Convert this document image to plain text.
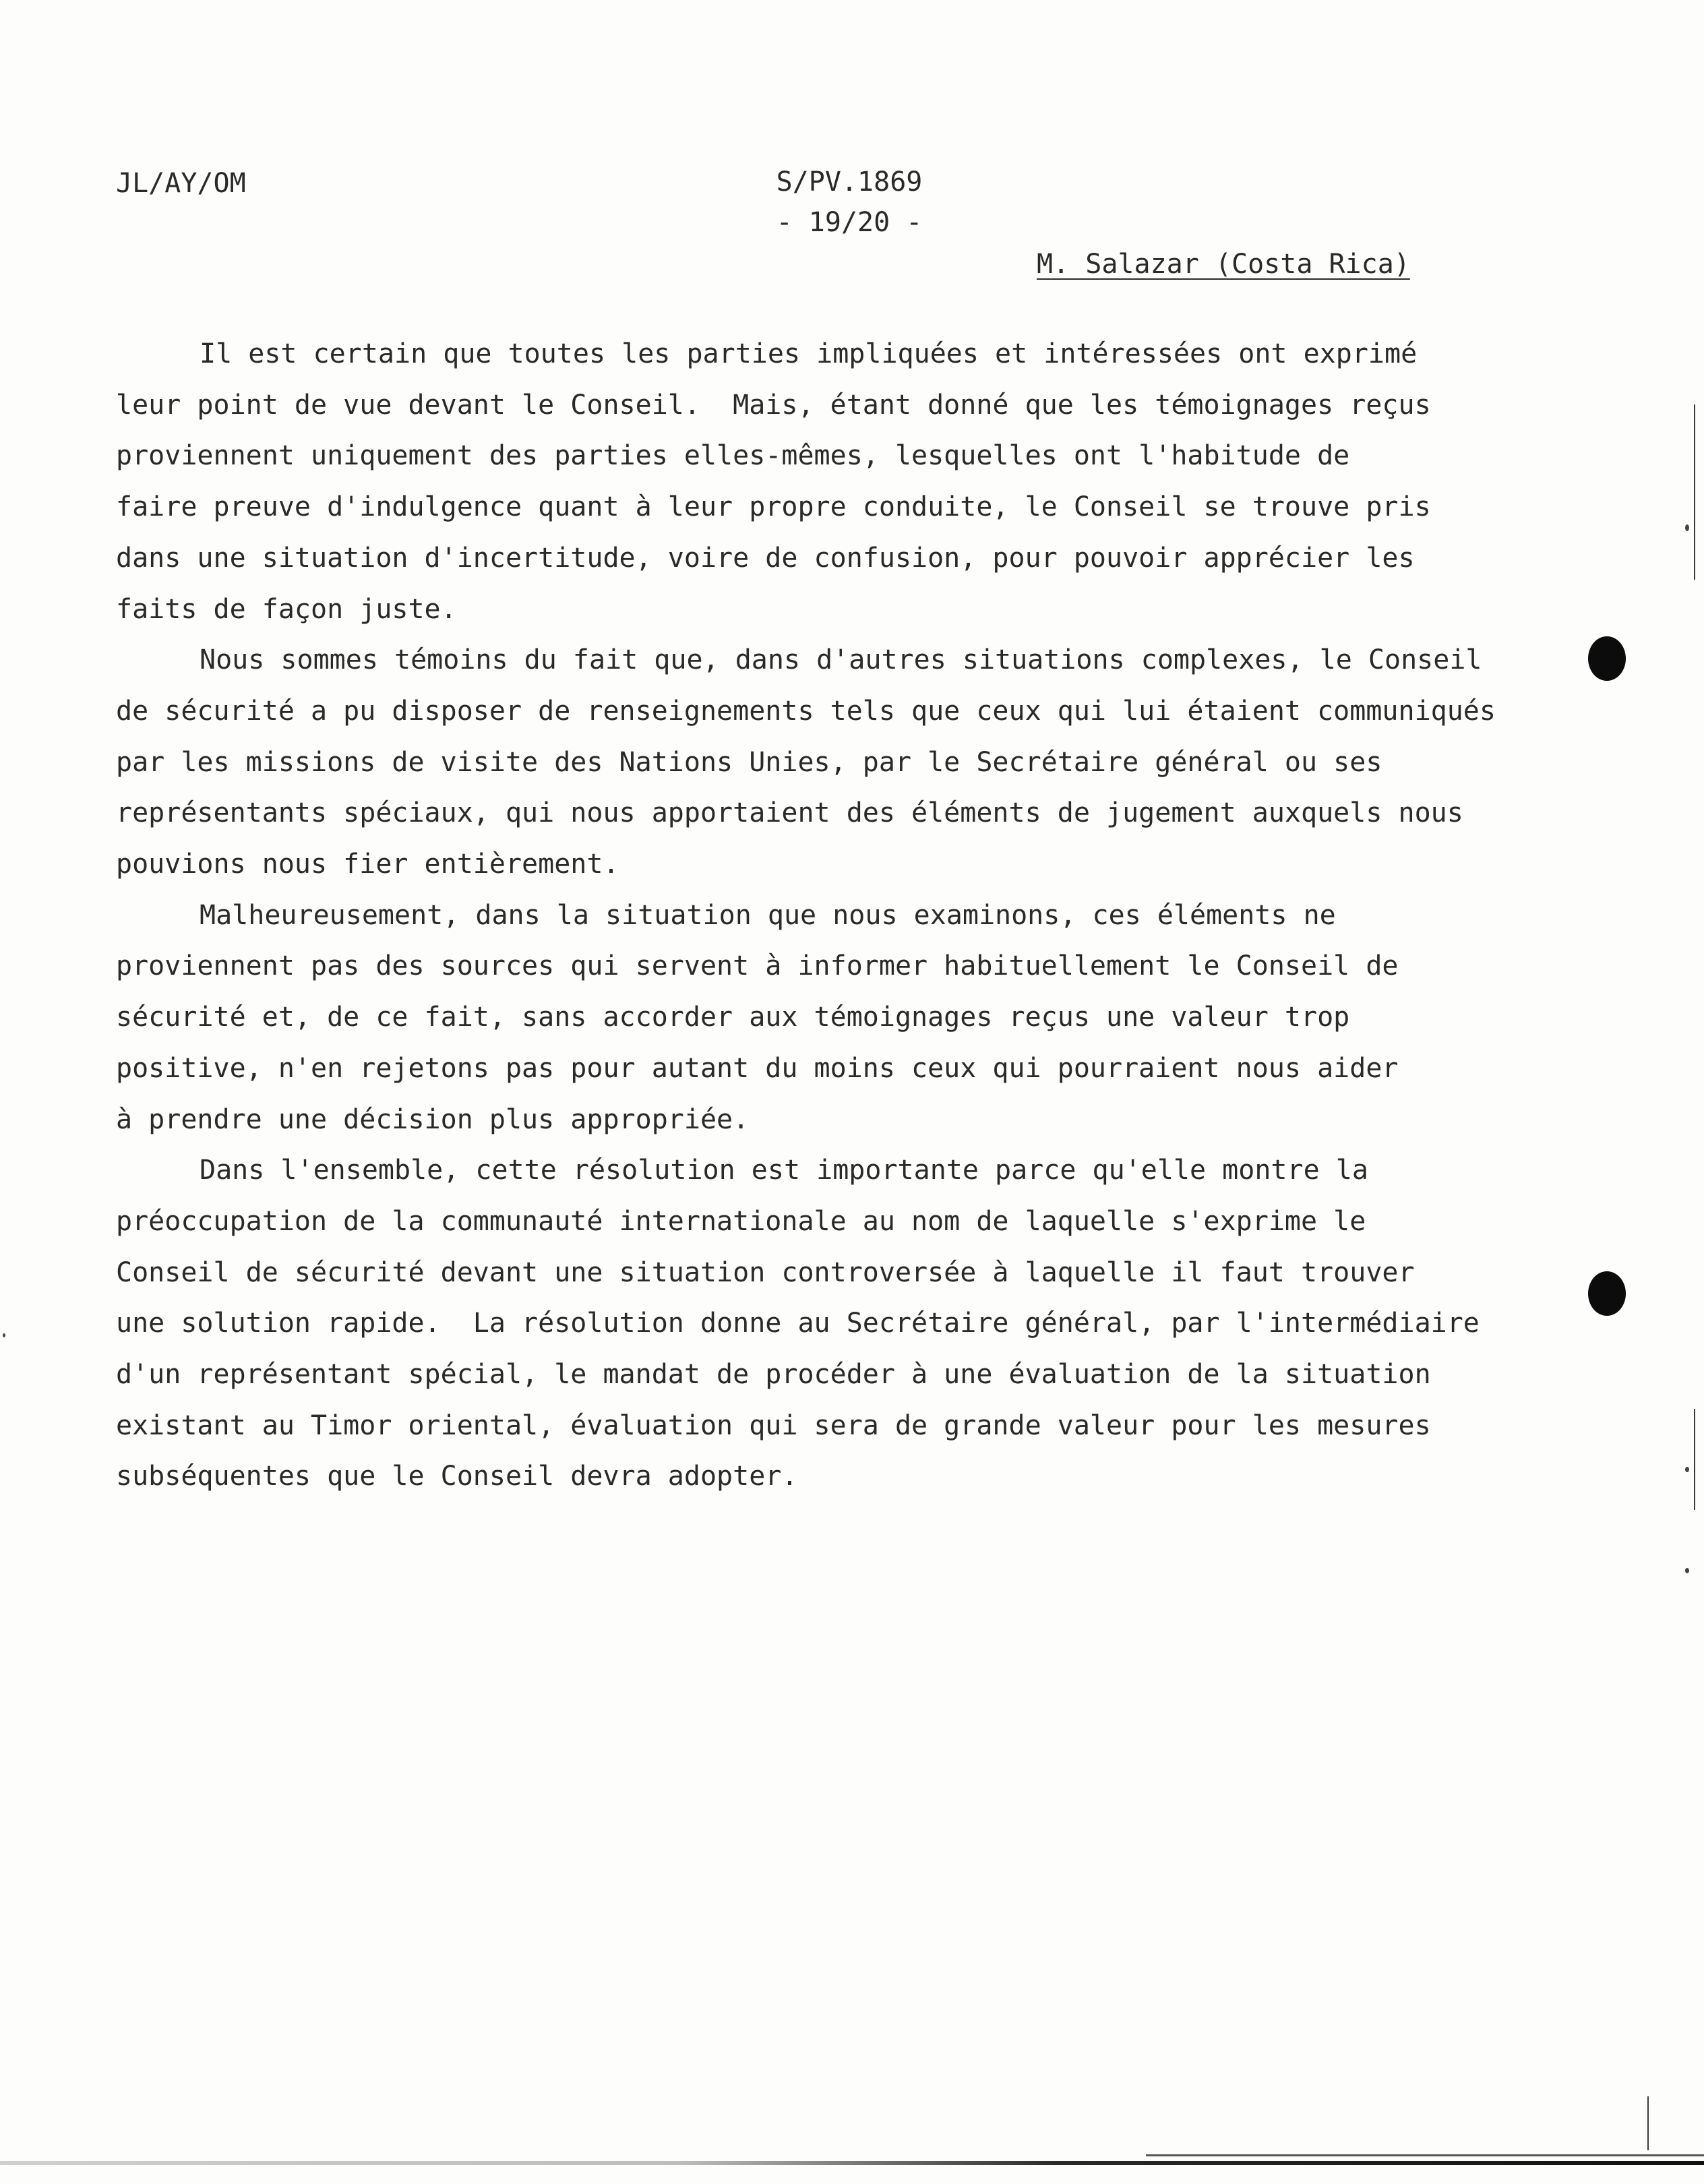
JL/AY/OM	S/PV.1869
- 19/20 -
M. Salazar (Costa Rica)

Il est certain que toutes les parties impliquées et intéressées ont exprimé
leur point de vue devant le Conseil.  Mais, étant donné que les témoignages reçus
proviennent uniquement des parties elles-mêmes, lesquelles ont l'habitude de
faire preuve d'indulgence quant à leur propre conduite, le Conseil se trouve pris
dans une situation d'incertitude, voire de confusion, pour pouvoir apprécier les
faits de façon juste.

Nous sommes témoins du fait que, dans d'autres situations complexes, le Conseil
de sécurité a pu disposer de renseignements tels que ceux qui lui étaient communiqués
par les missions de visite des Nations Unies, par le Secrétaire général ou ses
représentants spéciaux, qui nous apportaient des éléments de jugement auxquels nous
pouvions nous fier entièrement.

Malheureusement, dans la situation que nous examinons, ces éléments ne
proviennent pas des sources qui servent à informer habituellement le Conseil de
sécurité et, de ce fait, sans accorder aux témoignages reçus une valeur trop
positive, n'en rejetons pas pour autant du moins ceux qui pourraient nous aider
à prendre une décision plus appropriée.

Dans l'ensemble, cette résolution est importante parce qu'elle montre la
préoccupation de la communauté internationale au nom de laquelle s'exprime le
Conseil de sécurité devant une situation controversée à laquelle il faut trouver
une solution rapide.  La résolution donne au Secrétaire général, par l'intermédiaire
d'un représentant spécial, le mandat de procéder à une évaluation de la situation
existant au Timor oriental, évaluation qui sera de grande valeur pour les mesures
subséquentes que le Conseil devra adopter.
